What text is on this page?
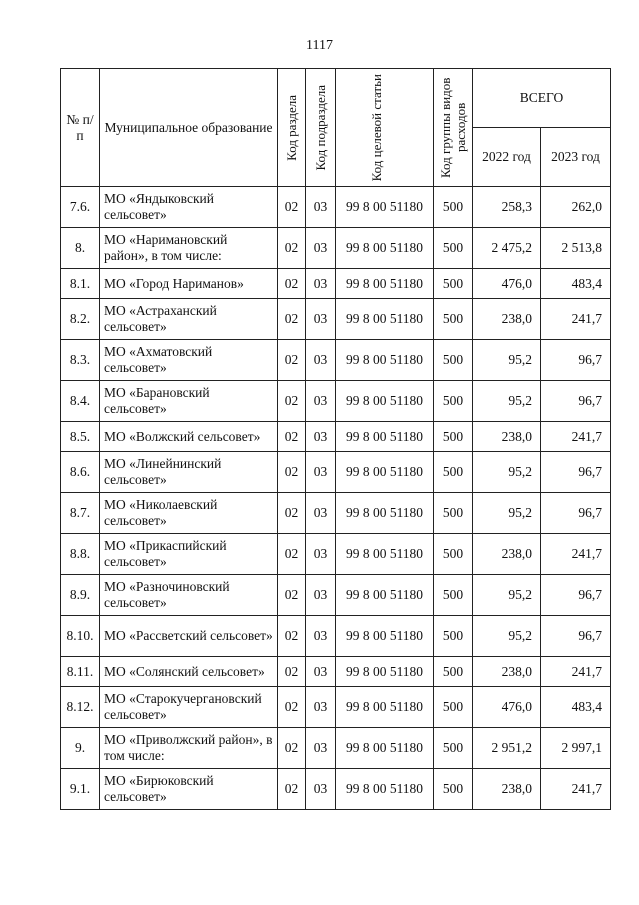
1117
№ п/п	Муниципальное образование	Код раздела	Код подраздела	Код целевой статьи	Код группы видов расходов	ВСЕГО	
						2022 год	2023 год
7.6.	МО «Яндыковский сельсовет»	02	03	99 8 00 51180	500	258,3	262,0
8.	МО «Наримановский район», в том числе:	02	03	99 8 00 51180	500	2 475,2	2 513,8
8.1.	МО «Город Нариманов»	02	03	99 8 00 51180	500	476,0	483,4
8.2.	МО «Астраханский сельсовет»	02	03	99 8 00 51180	500	238,0	241,7
8.3.	МО «Ахматовский сельсовет»	02	03	99 8 00 51180	500	95,2	96,7
8.4.	МО «Барановский сельсовет»	02	03	99 8 00 51180	500	95,2	96,7
8.5.	МО «Волжский сельсовет»	02	03	99 8 00 51180	500	238,0	241,7
8.6.	МО «Линейнинский сельсовет»	02	03	99 8 00 51180	500	95,2	96,7
8.7.	МО «Николаевский сельсовет»	02	03	99 8 00 51180	500	95,2	96,7
8.8.	МО «Прикаспийский сельсовет»	02	03	99 8 00 51180	500	238,0	241,7
8.9.	МО «Разночиновский сельсовет»	02	03	99 8 00 51180	500	95,2	96,7
8.10.	МО «Рассветский сельсовет»	02	03	99 8 00 51180	500	95,2	96,7
8.11.	МО «Солянский сельсовет»	02	03	99 8 00 51180	500	238,0	241,7
8.12.	МО «Старокучергановский сельсовет»	02	03	99 8 00 51180	500	476,0	483,4
9.	МО «Приволжский район», в том числе:	02	03	99 8 00 51180	500	2 951,2	2 997,1
9.1.	МО «Бирюковский сельсовет»	02	03	99 8 00 51180	500	238,0	241,7
